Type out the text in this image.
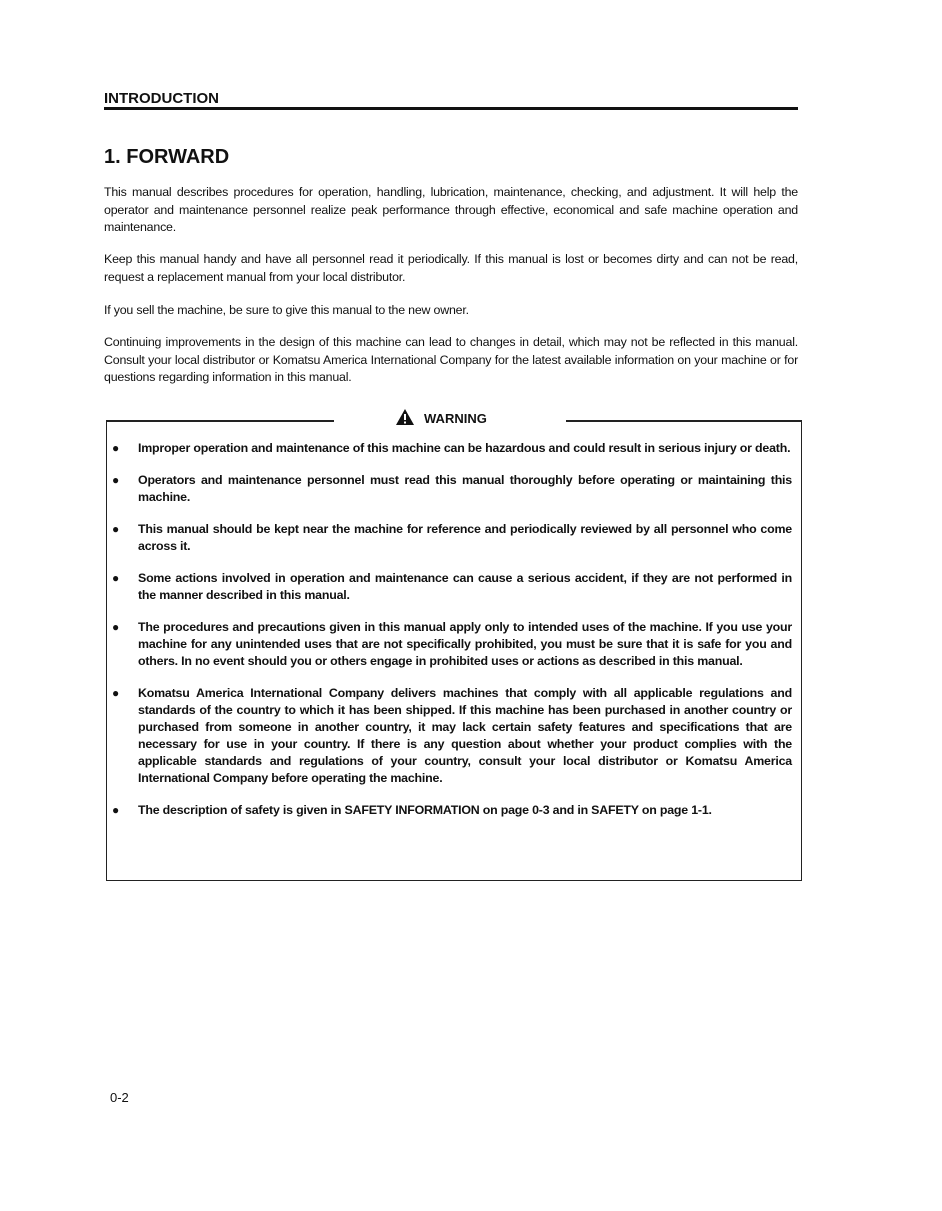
INTRODUCTION
1. FORWARD
This manual describes procedures for operation, handling, lubrication, maintenance, checking, and adjustment. It will help the operator and maintenance personnel realize peak performance through effective, economical and safe machine operation and maintenance.
Keep this manual handy and have all personnel read it periodically. If this manual is lost or becomes dirty and can not be read, request a replacement manual from your local distributor.
If you sell the machine, be sure to give this manual to the new owner.
Continuing improvements in the design of this machine can lead to changes in detail, which may not be reflected in this manual. Consult your local distributor or Komatsu America International Company for the latest available information on your machine or for questions regarding information in this manual.
WARNING
●	Improper operation and maintenance of this machine can be hazardous and could result in serious injury or death.
●	Operators and maintenance personnel must read this manual thoroughly before operating or maintaining this machine.
●	This manual should be kept near the machine for reference and periodically reviewed by all personnel who come across it.
●	Some actions involved in operation and maintenance can cause a serious accident, if they are not performed in the manner described in this manual.
●	The procedures and precautions given in this manual apply only to intended uses of the machine. If you use your machine for any unintended uses that are not specifically prohibited, you must be sure that it is safe for you and others. In no event should you or others engage in prohibited uses or actions as described in this manual.
●	Komatsu America International Company delivers machines that comply with all applicable regulations and standards of the country to which it has been shipped. If this machine has been purchased in another country or purchased from someone in another country, it may lack certain safety features and specifications that are necessary for use in your country. If there is any question about whether your product complies with the applicable standards and regulations of your country, consult your local distributor or Komatsu America International Company before operating the machine.
●	The description of safety is given in SAFETY INFORMATION on page 0-3 and in SAFETY on page 1-1.
0-2
